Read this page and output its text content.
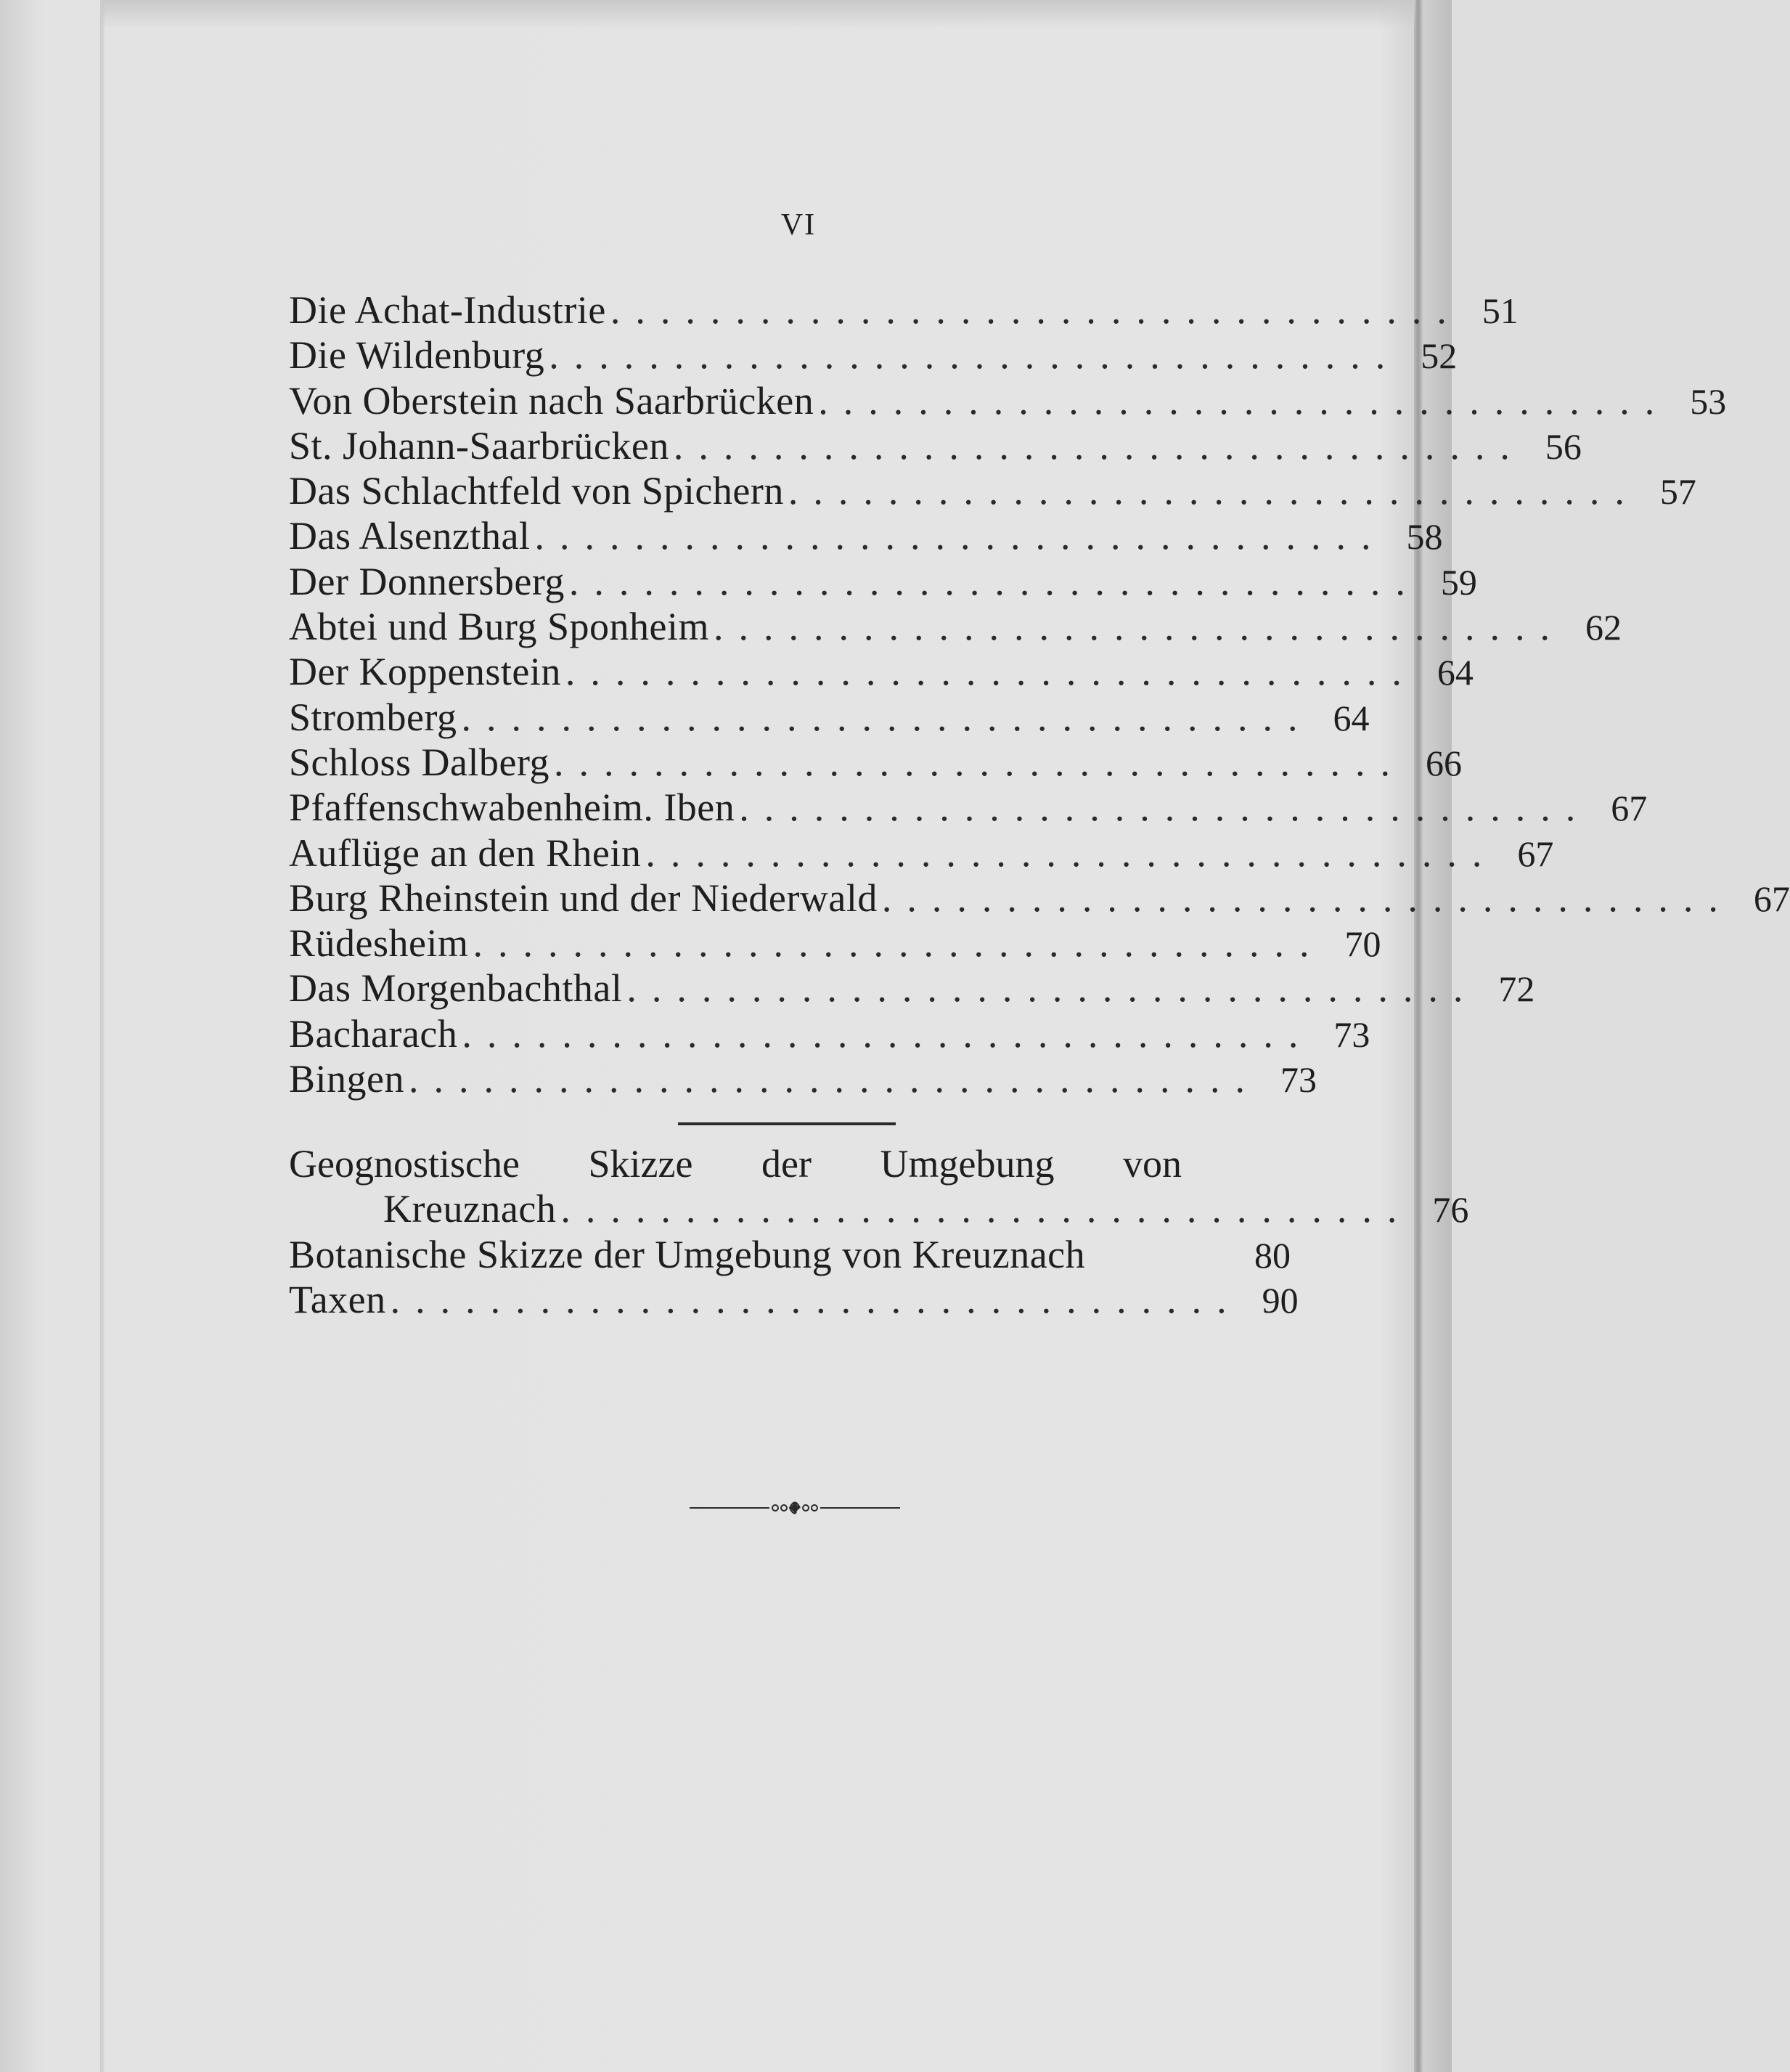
VI
Die Achat-Industrie .................................. 51
Die Wildenburg .................................. 52
Von Oberstein nach Saarbrücken .................................. 53
St. Johann-Saarbrücken .................................. 56
Das Schlachtfeld von Spichern .................................. 57
Das Alsenzthal .................................. 58
Der Donnersberg .................................. 59
Abtei und Burg Sponheim .................................. 62
Der Koppenstein .................................. 64
Stromberg .................................. 64
Schloss Dalberg .................................. 66
Pfaffenschwabenheim. Iben .................................. 67
Auflüge an den Rhein .................................. 67
Burg Rheinstein und der Niederwald .................................. 67
Rüdesheim .................................. 70
Das Morgenbachthal .................................. 72
Bacharach .................................. 73
Bingen .................................. 73
Geognostische Skizze der Umgebung von
Kreuznach .................................. 76
Botanische Skizze der Umgebung von Kreuznach	80
Taxen .................................. 90
